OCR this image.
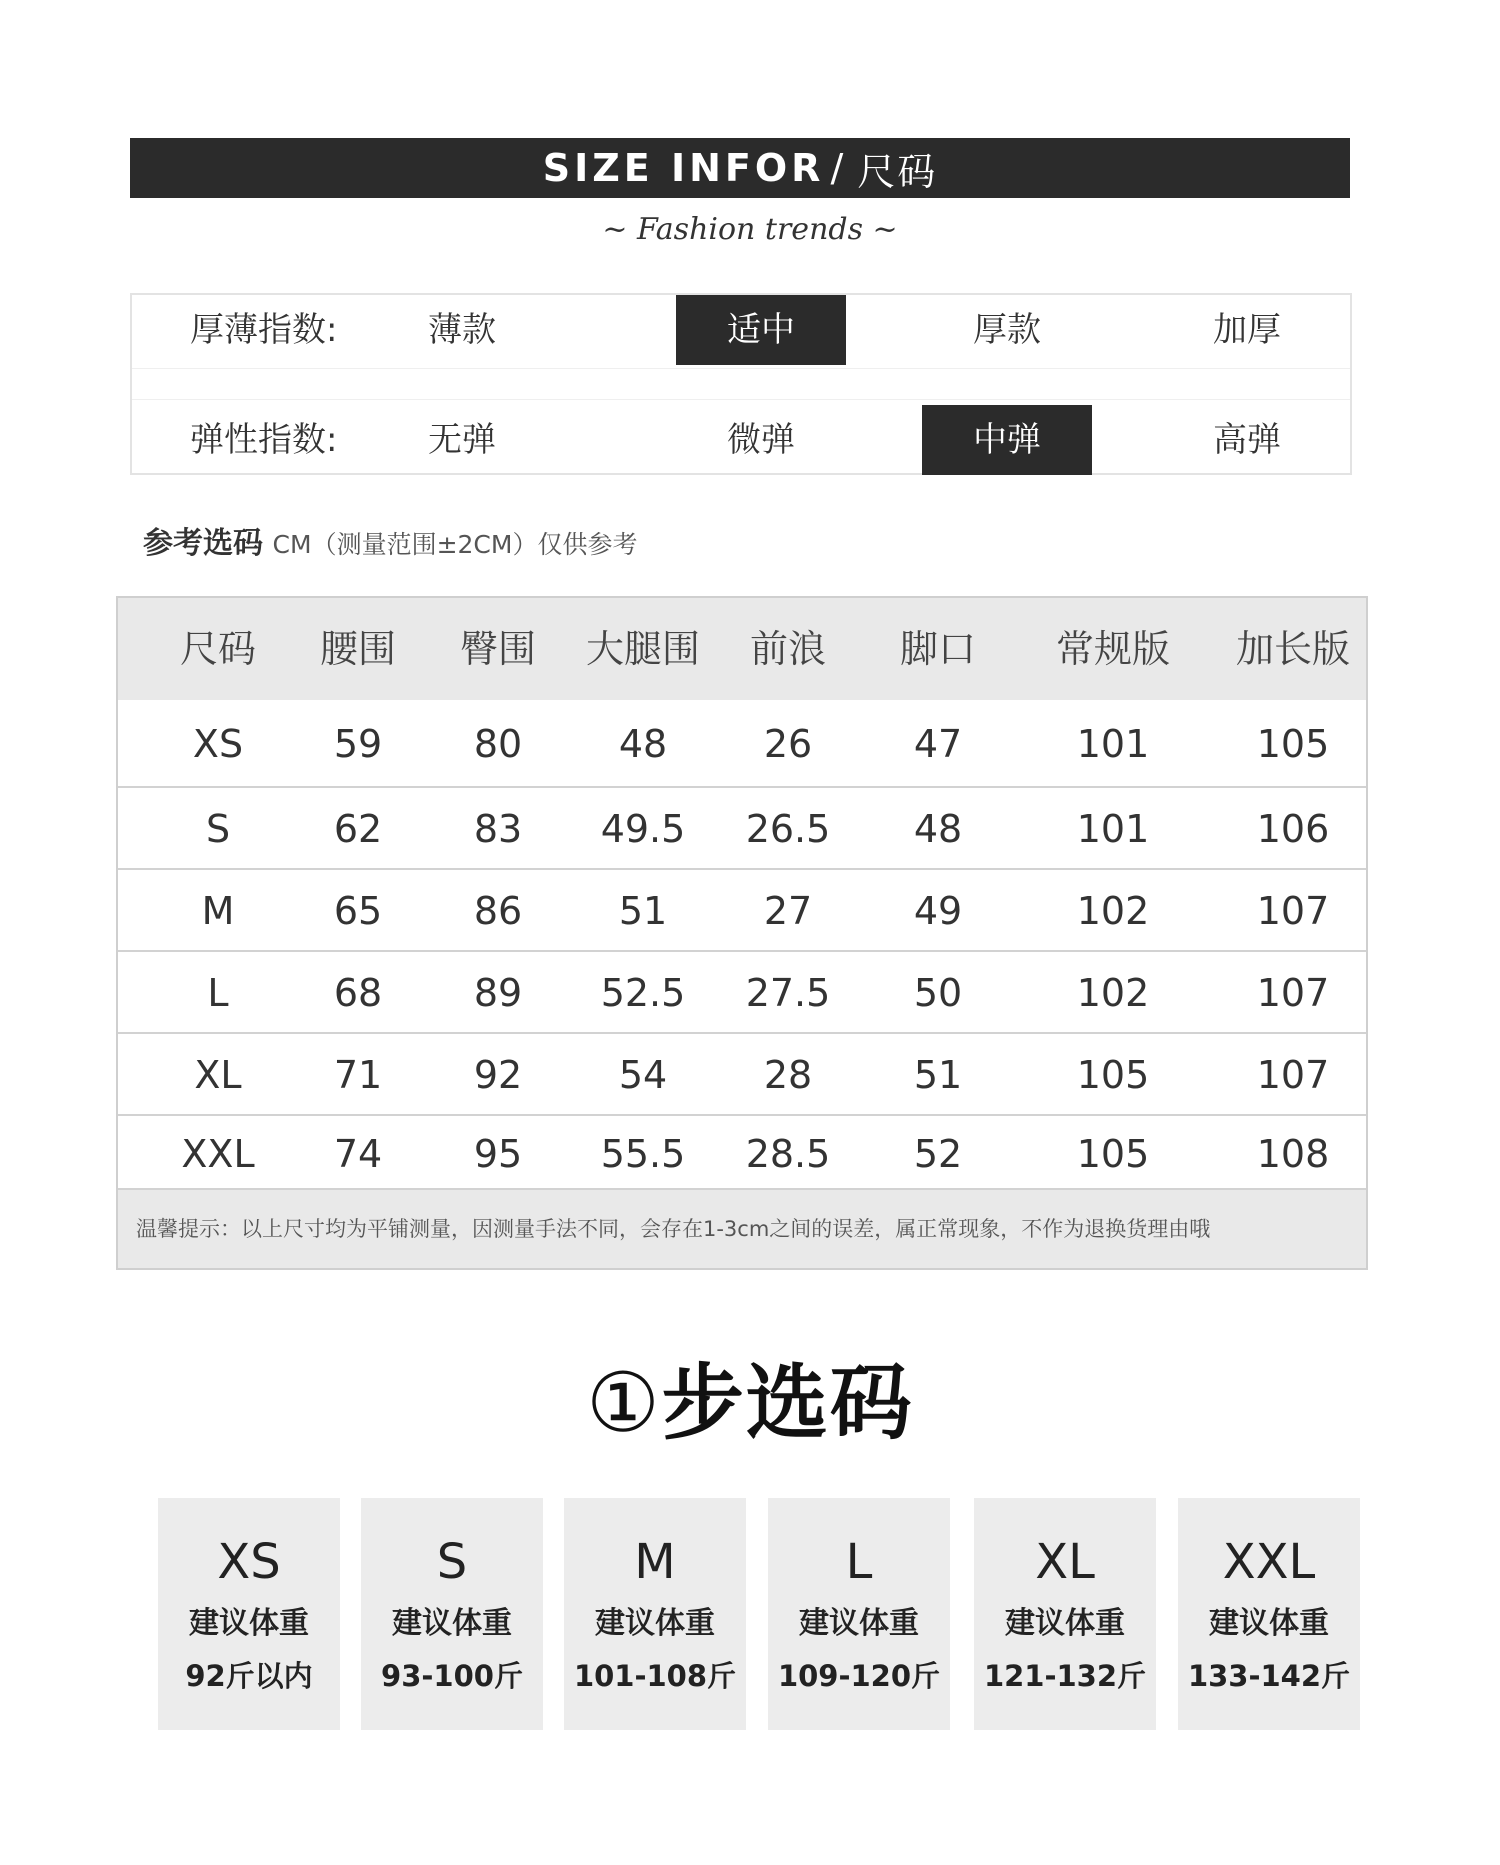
SIZE INFOR / 尺码
~ Fashion trends ~
厚薄指数:	薄款	适中	厚款	加厚
弹性指数:	无弹	微弹	中弹	高弹
参考选码 CM（测量范围±2CM）仅供参考
尺码	腰围	臀围	大腿围	前浪	脚口	常规版	加长版
XS	59	80	48	26	47	101	105
S	62	83	49.5	26.5	48	101	106
M	65	86	51	27	49	102	107
L	68	89	52.5	27.5	50	102	107
XL	71	92	54	28	51	105	107
XXL	74	95	55.5	28.5	52	105	108
温馨提示：以上尺寸均为平铺测量，因测量手法不同，会存在1-3cm之间的误差，属正常现象，不作为退换货理由哦
①步选码
XS
建议体重
92斤以内
S
建议体重
93-100斤
M
建议体重
101-108斤
L
建议体重
109-120斤
XL
建议体重
121-132斤
XXL
建议体重
133-142斤
